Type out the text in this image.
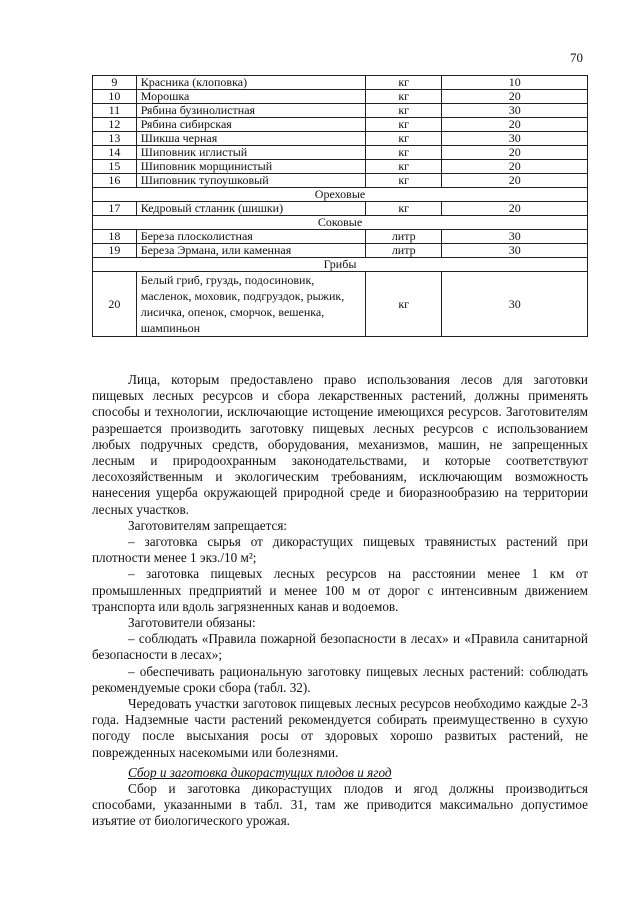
70
9	Красника (клоповка)	кг	10
10	Морошка	кг	20
11	Рябина бузинолистная	кг	30
12	Рябина сибирская	кг	20
13	Шикша черная	кг	30
14	Шиповник иглистый	кг	20
15	Шиповник морщинистый	кг	20
16	Шиповник тупоушковый	кг	20
Ореховые			
17	Кедровый стланик (шишки)	кг	20
Соковые			
18	Береза плосколистная	литр	30
19	Береза Эрмана, или каменная	литр	30
Грибы			
20	Белый гриб, груздь, подосиновик, масленок, моховик, подгруздок, рыжик, лисичка, опенок, сморчок, вешенка, шампиньон	кг	30

Лица, которым предоставлено право использования лесов для заготовки пищевых лесных ресурсов и сбора лекарственных растений, должны применять способы и технологии, исключающие истощение имеющихся ресурсов. Заготовителям разрешается производить заготовку пищевых лесных ресурсов с использованием любых подручных средств, оборудования, механизмов, машин, не запрещенных лесным и природоохранным законодательствами, и которые соответствуют лесохозяйственным и экологическим требованиям, исключающим возможность нанесения ущерба окружающей природной среде и биоразнообразию на территории лесных участков.

Заготовителям запрещается:

– заготовка сырья от дикорастущих пищевых травянистых растений при плотности менее 1 экз./10 м²;

– заготовка пищевых лесных ресурсов на расстоянии менее 1 км от промышленных предприятий и менее 100 м от дорог с интенсивным движением транспорта или вдоль загрязненных канав и водоемов.

Заготовители обязаны:

– соблюдать «Правила пожарной безопасности в лесах» и «Правила санитарной безопасности в лесах»;

– обеспечивать рациональную заготовку пищевых лесных растений: соблюдать рекомендуемые сроки сбора (табл. 32).

Чередовать участки заготовок пищевых лесных ресурсов необходимо каждые 2-3 года. Надземные части растений рекомендуется собирать преимущественно в сухую погоду после высыхания росы от здоровых хорошо развитых растений, не поврежденных насекомыми или болезнями.

Сбор и заготовка дикорастущих плодов и ягод

Сбор и заготовка дикорастущих плодов и ягод должны производиться способами, указанными в табл. 31, там же приводится максимально допустимое изъятие от биологического урожая.
